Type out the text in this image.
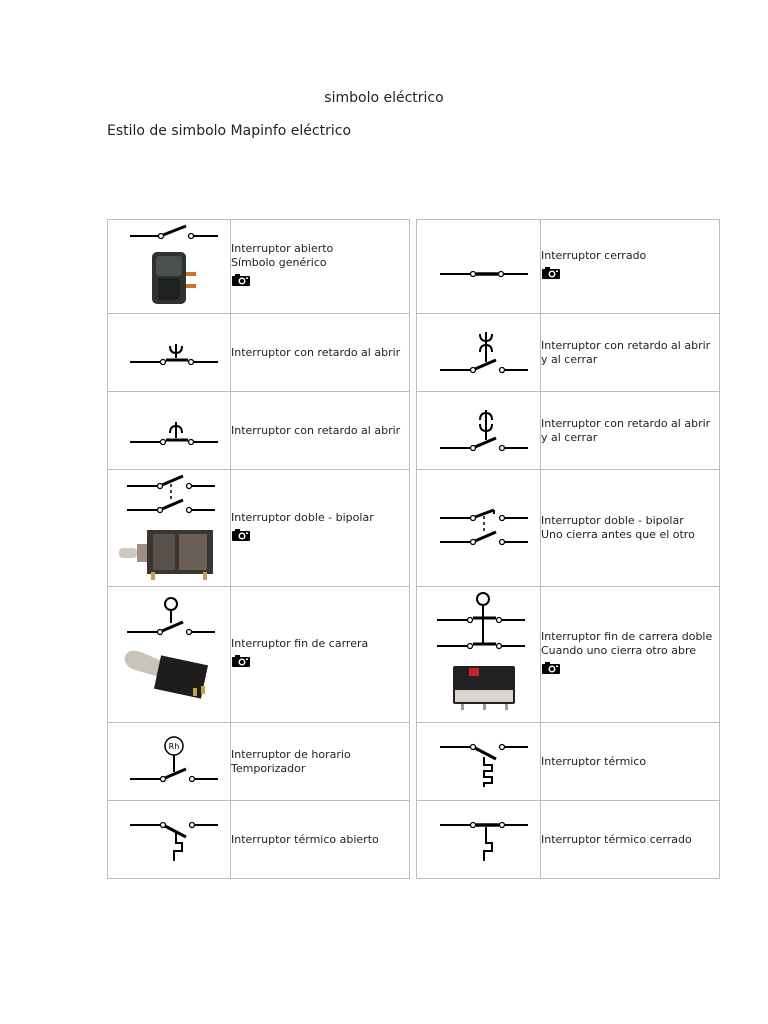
simbolo eléctrico
Estilo de simbolo Mapinfo eléctrico

Interruptor abierto
Símbolo genérico

Interruptor con retardo al abrir

Interruptor con retardo al abrir

Interruptor doble - bipolar

Interruptor fin de carrera

Rh	Interruptor de horario
Temporizador

Interruptor térmico abierto

Interruptor cerrado

Interruptor con retardo al abrir
y al cerrar

Interruptor con retardo al abrir
y al cerrar

Interruptor doble - bipolar
Uno cierra antes que el otro

Interruptor fin de carrera doble
Cuando uno cierra otro abre

Interruptor térmico

Interruptor térmico cerrado
